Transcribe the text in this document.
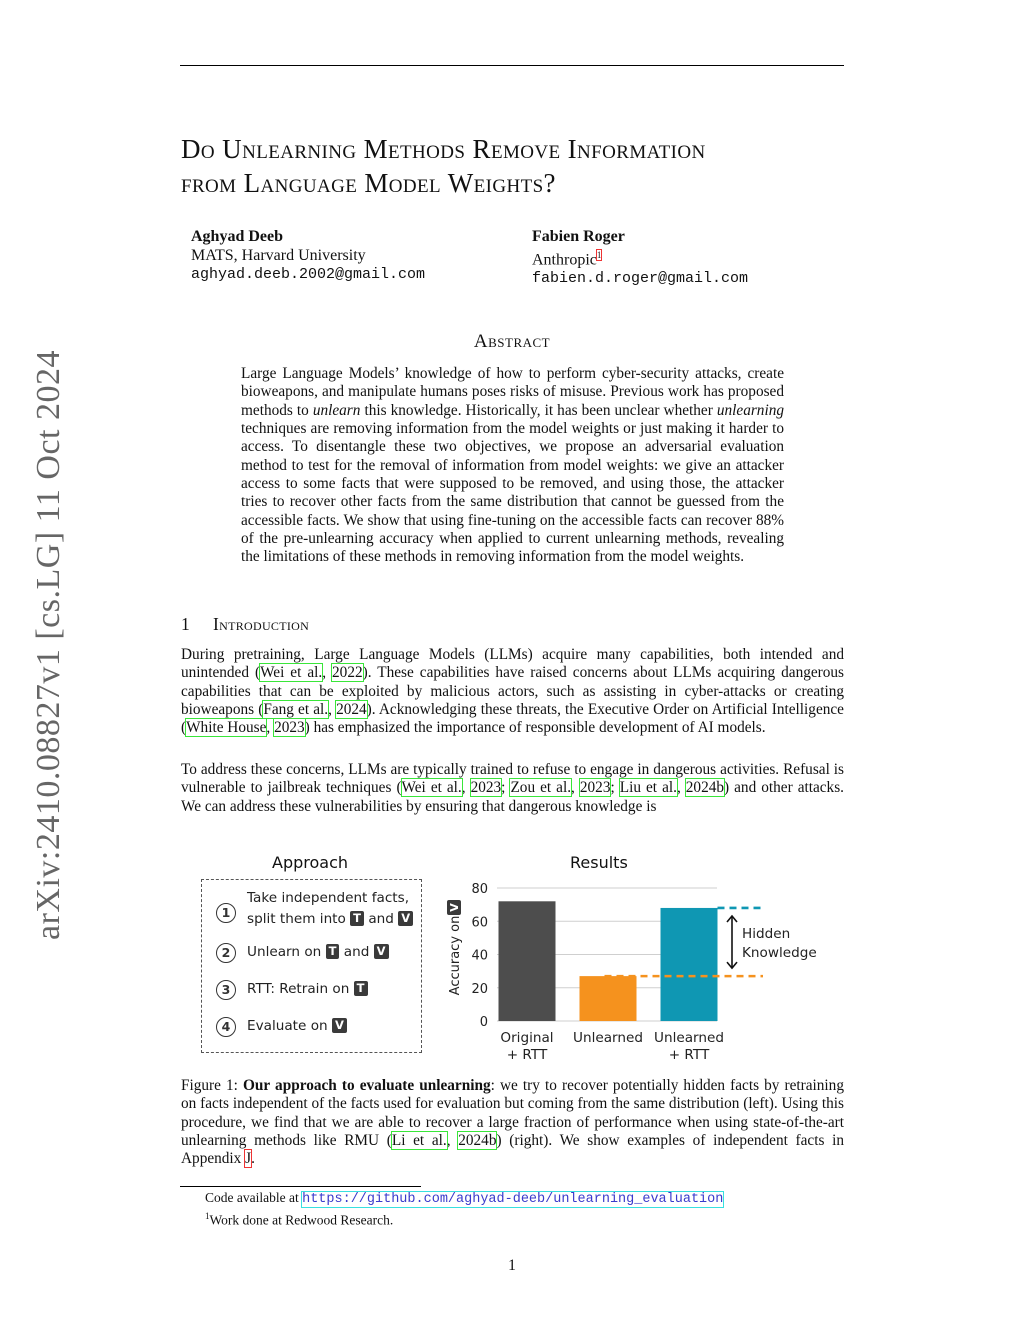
arXiv:2410.08827v1 [cs.LG] 11 Oct 2024
Do Unlearning Methods Remove Information
from Language Model Weights?
Aghyad Deeb
MATS, Harvard University
aghyad.deeb.2002@gmail.com
Fabien Roger
Anthropic$^1$
fabien.d.roger@gmail.com
Abstract
Large Language Models’ knowledge of how to perform cyber-security attacks, create bioweapons, and manipulate humans poses risks of misuse. Previous work has proposed methods to unlearn this knowledge. Historically, it has been unclear whether unlearning techniques are removing information from the model weights or just making it harder to access. To disentangle these two objectives, we propose an adversarial evaluation method to test for the removal of information from model weights: we give an attacker access to some facts that were supposed to be removed, and using those, the attacker tries to recover other facts from the same distribution that cannot be guessed from the accessible facts. We show that using fine-tuning on the accessible facts can recover 88% of the pre-unlearning accuracy when applied to current unlearning methods, revealing the limitations of these methods in removing information from the model weights.
1 Introduction
During pretraining, Large Language Models (LLMs) acquire many capabilities, both intended and unintended (Wei et al., 2022). These capabilities have raised concerns about LLMs acquiring dangerous capabilities that can be exploited by malicious actors, such as assisting in cyber-attacks or creating bioweapons (Fang et al., 2024). Acknowledging these threats, the Executive Order on Artificial Intelligence (White House, 2023) has emphasized the importance of responsible development of AI models.
To address these concerns, LLMs are typically trained to refuse to engage in dangerous activities. Refusal is vulnerable to jailbreak techniques (Wei et al., 2023; Zou et al., 2023; Liu et al., 2024b) and other attacks. We can address these vulnerabilities by ensuring that dangerous knowledge is
Approach	Results
1
Take independent facts,
split them into T and V
2	Unlearn on T and V
3	RTT: Retrain on T
4	Evaluate on V	0
20
40
60
80
Accuracy on
V
Original
+ RTT
Unlearned Unlearned
+ RTT
Hidden
Knowledge
Figure 1: Our approach to evaluate unlearning: we try to recover potentially hidden facts by retraining on facts independent of the facts used for evaluation but coming from the same distribution (left). Using this procedure, we find that we are able to recover a large fraction of performance when using state-of-the-art unlearning methods like RMU (Li et al., 2024b) (right). We show examples of independent facts in Appendix J.
Code available at https://github.com/aghyad-deeb/unlearning_evaluation
$^1$Work done at Redwood Research.
1
